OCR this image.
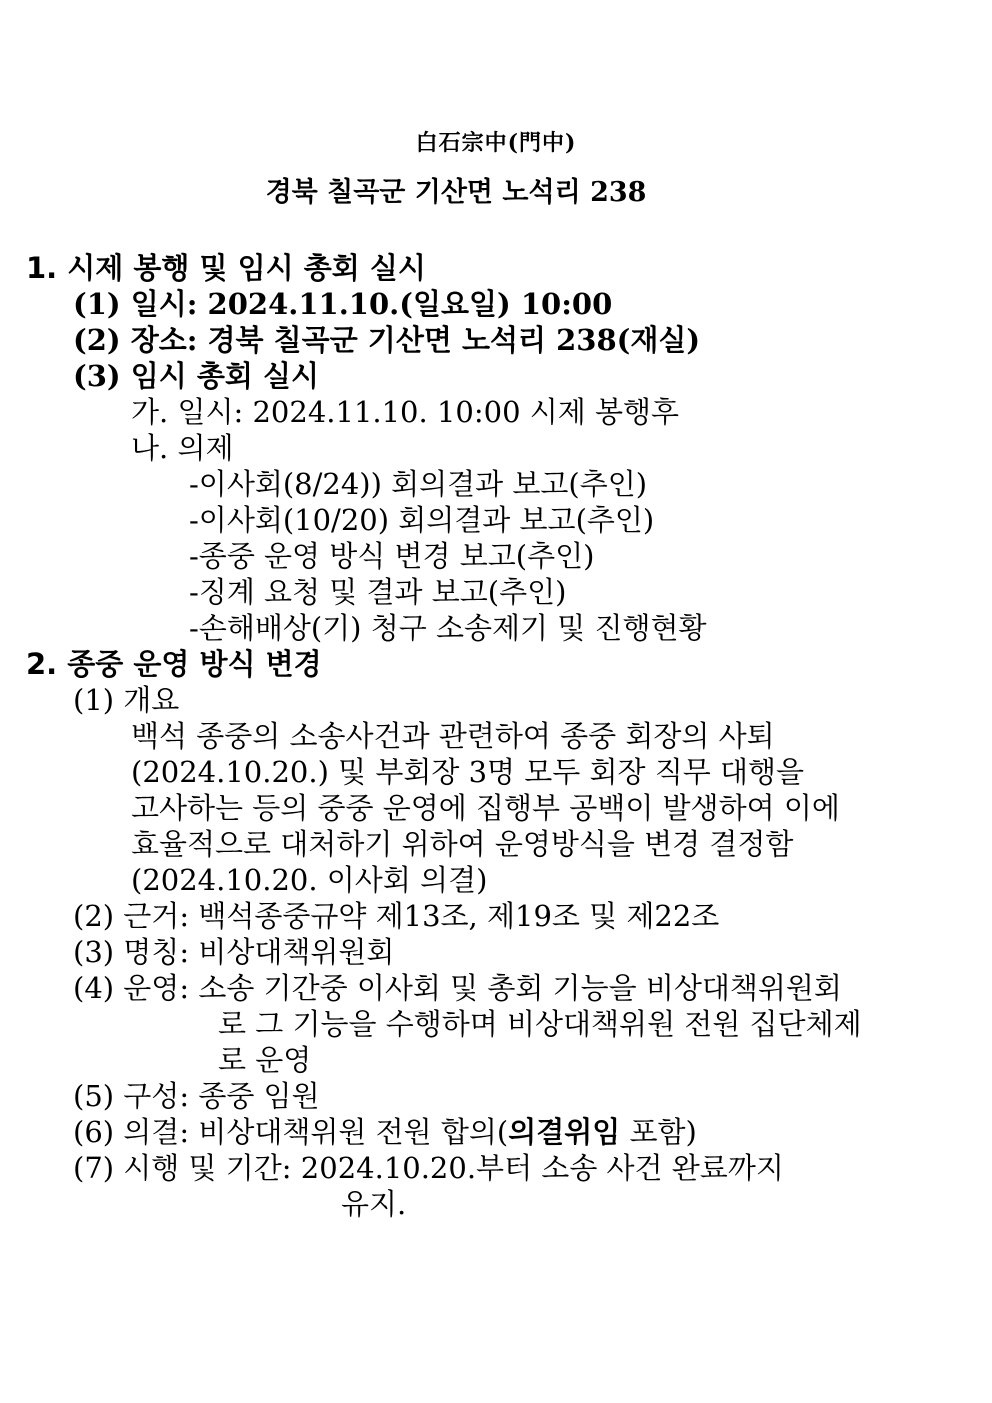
白石宗中(門中)
경북 칠곡군 기산면 노석리 238
1. 시제 봉행 및 임시 총회 실시
(1) 일시: 2024.11.10.(일요일) 10:00
(2) 장소: 경북 칠곡군 기산면 노석리 238(재실)
(3) 임시 총회 실시
가. 일시: 2024.11.10. 10:00 시제 봉행후
나. 의제
-이사회(8/24)) 회의결과 보고(추인)
-이사회(10/20) 회의결과 보고(추인)
-종중 운영 방식 변경 보고(추인)
-징계 요청 및 결과 보고(추인)
-손해배상(기) 청구 소송제기 및 진행현황
2. 종중 운영 방식 변경
(1) 개요
백석 종중의 소송사건과 관련하여 종중 회장의 사퇴
(2024.10.20.) 및 부회장 3명 모두 회장 직무 대행을
고사하는 등의 중중 운영에 집행부 공백이 발생하여 이에
효율적으로 대처하기 위하여 운영방식을 변경 결정함
(2024.10.20. 이사회 의결)
(2) 근거: 백석종중규약 제13조, 제19조 및 제22조
(3) 명칭: 비상대책위원회
(4) 운영: 소송 기간중 이사회 및 총회 기능을 비상대책위원회
로 그 기능을 수행하며 비상대책위원 전원 집단체제
로 운영
(5) 구성: 종중 임원
(6) 의결: 비상대책위원 전원 합의(의결위임 포함)
(7) 시행 및 기간: 2024.10.20.부터 소송 사건 완료까지
유지.
